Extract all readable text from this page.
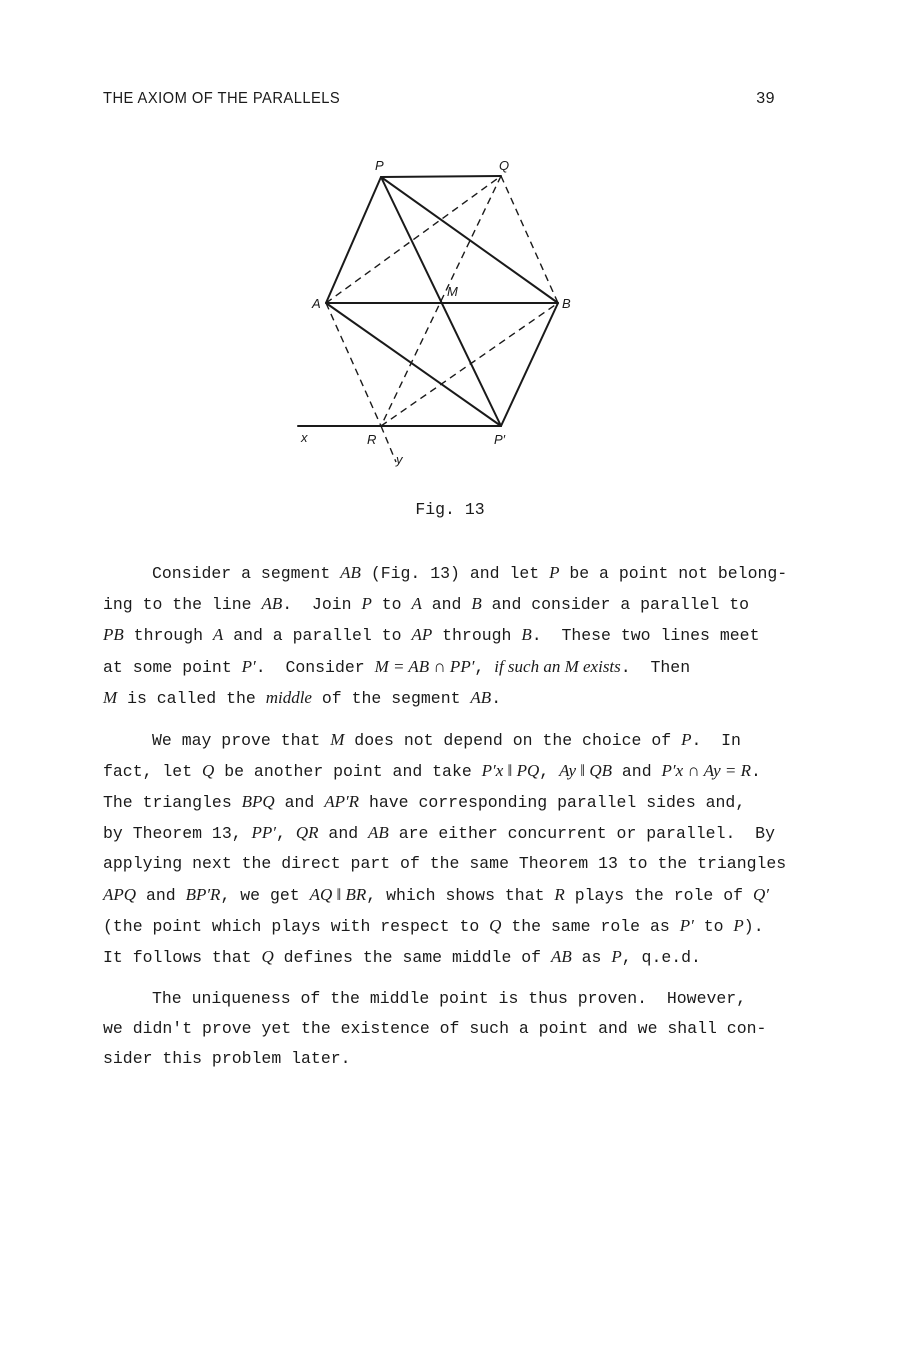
THE AXIOM OF THE PARALLELS	39
P	Q
A	B
M
R	P′
x
y
Fig. 13
Consider a segment AB (Fig. 13) and let P be a point not belong-
ing to the line AB.  Join P to A and B and consider a parallel to
PB through A and a parallel to AP through B.  These two lines meet
at some point P′.  Consider M = AB ∩ PP′, if such an M exists.  Then
M is called the middle of the segment AB.
We may prove that M does not depend on the choice of P.  In
fact, let Q be another point and take P′x ‖ PQ, Ay ‖ QB and P′x ∩ Ay = R.
The triangles BPQ and AP′R have corresponding parallel sides and,
by Theorem 13, PP′, QR and AB are either concurrent or parallel.  By
applying next the direct part of the same Theorem 13 to the triangles
APQ and BP′R, we get AQ ‖ BR, which shows that R plays the role of Q′
(the point which plays with respect to Q the same role as P′ to P).
It follows that Q defines the same middle of AB as P, q.e.d.
The uniqueness of the middle point is thus proven.  However,
we didn't prove yet the existence of such a point and we shall con-
sider this problem later.
